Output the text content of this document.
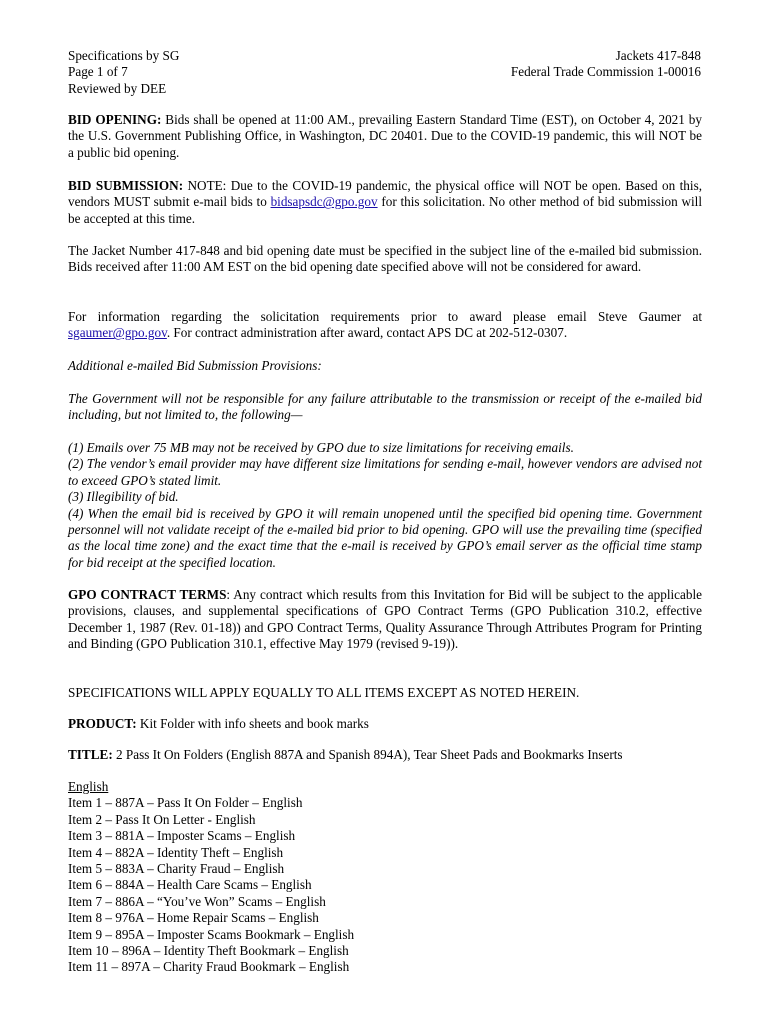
Specifications by SG
Page 1 of 7
Reviewed by DEE
Jackets 417-848
Federal Trade Commission 1-00016

BID OPENING: Bids shall be opened at 11:00 AM., prevailing Eastern Standard Time (EST), on October 4, 2021 by the U.S. Government Publishing Office, in Washington, DC 20401. Due to the COVID-19 pandemic, this will NOT be a public bid opening.

BID SUBMISSION: NOTE: Due to the COVID-19 pandemic, the physical office will NOT be open. Based on this, vendors MUST submit e-mail bids to bidsapsdc@gpo.gov for this solicitation. No other method of bid submission will be accepted at this time.

The Jacket Number 417-848 and bid opening date must be specified in the subject line of the e-mailed bid submission. Bids received after 11:00 AM EST on the bid opening date specified above will not be considered for award.

For information regarding the solicitation requirements prior to award please email Steve Gaumer at sgaumer@gpo.gov. For contract administration after award, contact APS DC at 202-512-0307.

Additional e-mailed Bid Submission Provisions:

The Government will not be responsible for any failure attributable to the transmission or receipt of the e-mailed bid including, but not limited to, the following—

(1) Emails over 75 MB may not be received by GPO due to size limitations for receiving emails.
(2) The vendor’s email provider may have different size limitations for sending e-mail, however vendors are advised not to exceed GPO’s stated limit.
(3) Illegibility of bid.
(4) When the email bid is received by GPO it will remain unopened until the specified bid opening time. Government personnel will not validate receipt of the e-mailed bid prior to bid opening. GPO will use the prevailing time (specified as the local time zone) and the exact time that the e-mail is received by GPO’s email server as the official time stamp for bid receipt at the specified location.

GPO CONTRACT TERMS: Any contract which results from this Invitation for Bid will be subject to the applicable provisions, clauses, and supplemental specifications of GPO Contract Terms (GPO Publication 310.2, effective December 1, 1987 (Rev. 01-18)) and GPO Contract Terms, Quality Assurance Through Attributes Program for Printing and Binding (GPO Publication 310.1, effective May 1979 (revised 9-19)).

SPECIFICATIONS WILL APPLY EQUALLY TO ALL ITEMS EXCEPT AS NOTED HEREIN.

PRODUCT: Kit Folder with info sheets and book marks

TITLE: 2 Pass It On Folders (English 887A and Spanish 894A), Tear Sheet Pads and Bookmarks Inserts

English
Item 1 – 887A – Pass It On Folder – English
Item 2 – Pass It On Letter - English
Item 3 – 881A – Imposter Scams – English
Item 4 – 882A – Identity Theft – English
Item 5 – 883A – Charity Fraud – English
Item 6 – 884A – Health Care Scams – English
Item 7 – 886A – “You’ve Won” Scams – English
Item 8 – 976A – Home Repair Scams – English
Item 9 – 895A – Imposter Scams Bookmark – English
Item 10 – 896A – Identity Theft Bookmark – English
Item 11 – 897A – Charity Fraud Bookmark – English
